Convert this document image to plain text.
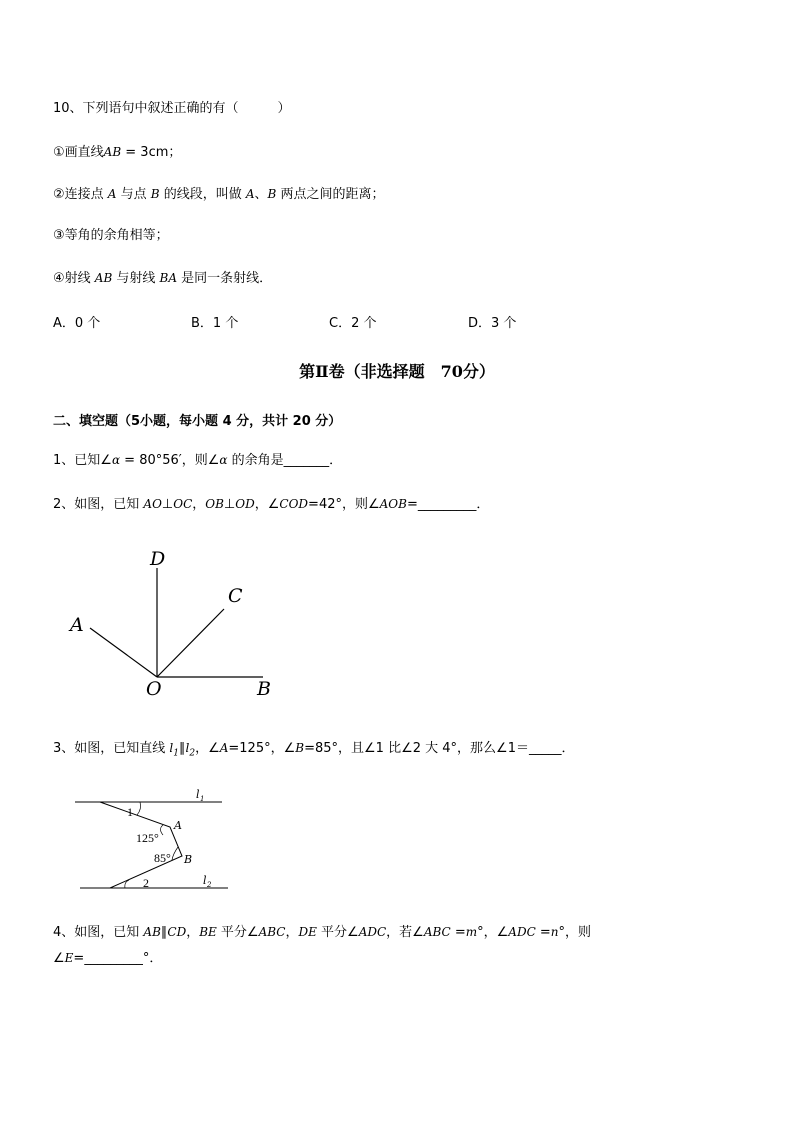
10、下列语句中叙述正确的有（　　　）
①画直线AB = 3cm；
②连接点 A 与点 B 的线段，叫做 A、B 两点之间的距离；
③等角的余角相等；
④射线 AB 与射线 BA 是同一条射线．
A．0 个	B．1 个	C．2 个	D．3 个
第Ⅱ卷（非选择题　70分）
二、填空题（5小题，每小题 4 分，共计 20 分）
1、已知∠α = 80°56′，则∠α 的余角是_______．
2、如图，已知 AO⊥OC，OB⊥OD，∠COD=42°，则∠AOB=_________．
D
C
A
O	B
3、如图，已知直线 $l_1\parallel l_2$，∠A=125°，∠B=85°，且∠1 比∠2 大 4°，那么∠1＝_____．
l 1
l 2
1
2
A
B
125°
85°
4、如图，已知 AB∥CD，BE 平分∠ABC，DE 平分∠ADC，若∠ABC =m°，∠ADC =n°，则
∠E=_________°．
